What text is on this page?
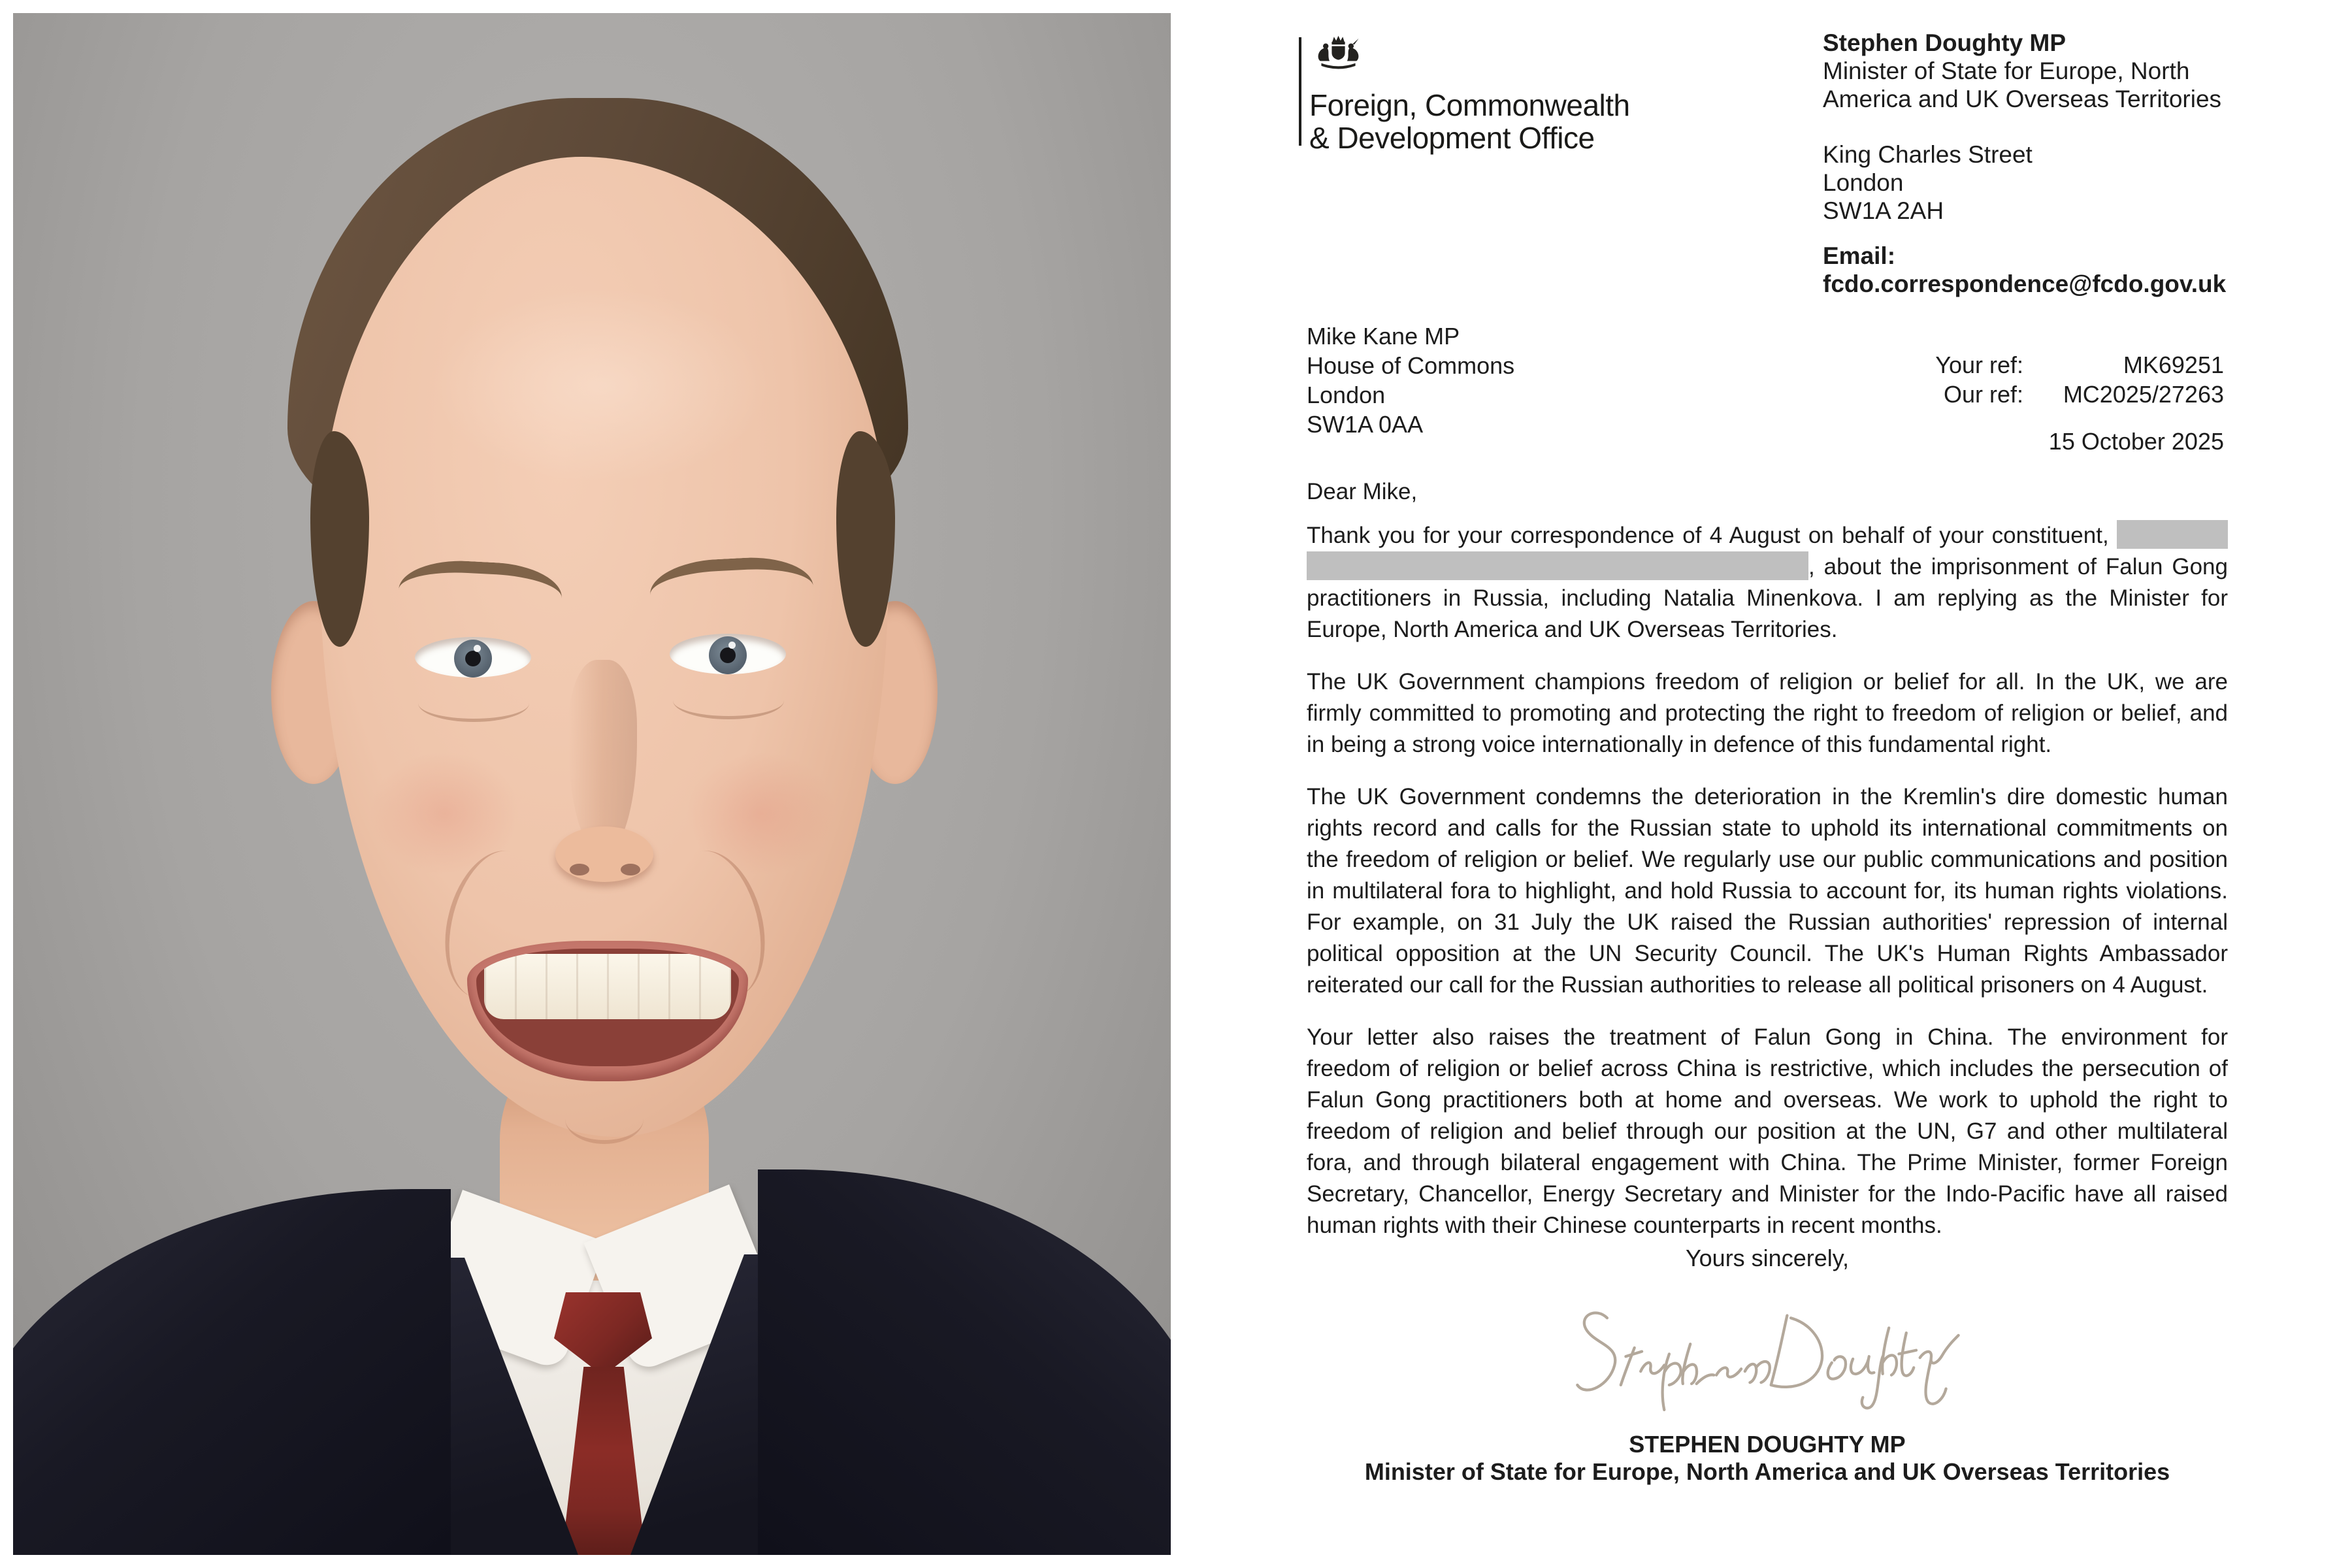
Foreign, Commonwealth
& Development Office
Stephen Doughty MP
Minister of State for Europe, North
America and UK Overseas Territories
King Charles Street
London
SW1A 2AH
Email:
fcdo.correspondence@fcdo.gov.uk
Mike Kane MP
House of Commons
London
SW1A 0AA
Your ref:	MK69251
Our ref:	MC2025/27263
15 October 2025
Dear Mike,
Thank you for your correspondence of 4 August on behalf of your constituent,
, about the imprisonment of Falun Gong
practitioners in Russia, including Natalia Minenkova. I am replying as the Minister for
Europe, North America and UK Overseas Territories.
The UK Government champions freedom of religion or belief for all. In the UK, we are
firmly committed to promoting and protecting the right to freedom of religion or belief, and
in being a strong voice internationally in defence of this fundamental right.
The UK Government condemns the deterioration in the Kremlin's dire domestic human
rights record and calls for the Russian state to uphold its international commitments on
the freedom of religion or belief. We regularly use our public communications and position
in multilateral fora to highlight, and hold Russia to account for, its human rights violations.
For example, on 31 July the UK raised the Russian authorities' repression of internal
political opposition at the UN Security Council. The UK's Human Rights Ambassador
reiterated our call for the Russian authorities to release all political prisoners on 4 August.
Your letter also raises the treatment of Falun Gong in China. The environment for
freedom of religion or belief across China is restrictive, which includes the persecution of
Falun Gong practitioners both at home and overseas. We work to uphold the right to
freedom of religion and belief through our position at the UN, G7 and other multilateral
fora, and through bilateral engagement with China. The Prime Minister, former Foreign
Secretary, Chancellor, Energy Secretary and Minister for the Indo-Pacific have all raised
human rights with their Chinese counterparts in recent months.
Yours sincerely,
STEPHEN DOUGHTY MP
Minister of State for Europe, North America and UK Overseas Territories
